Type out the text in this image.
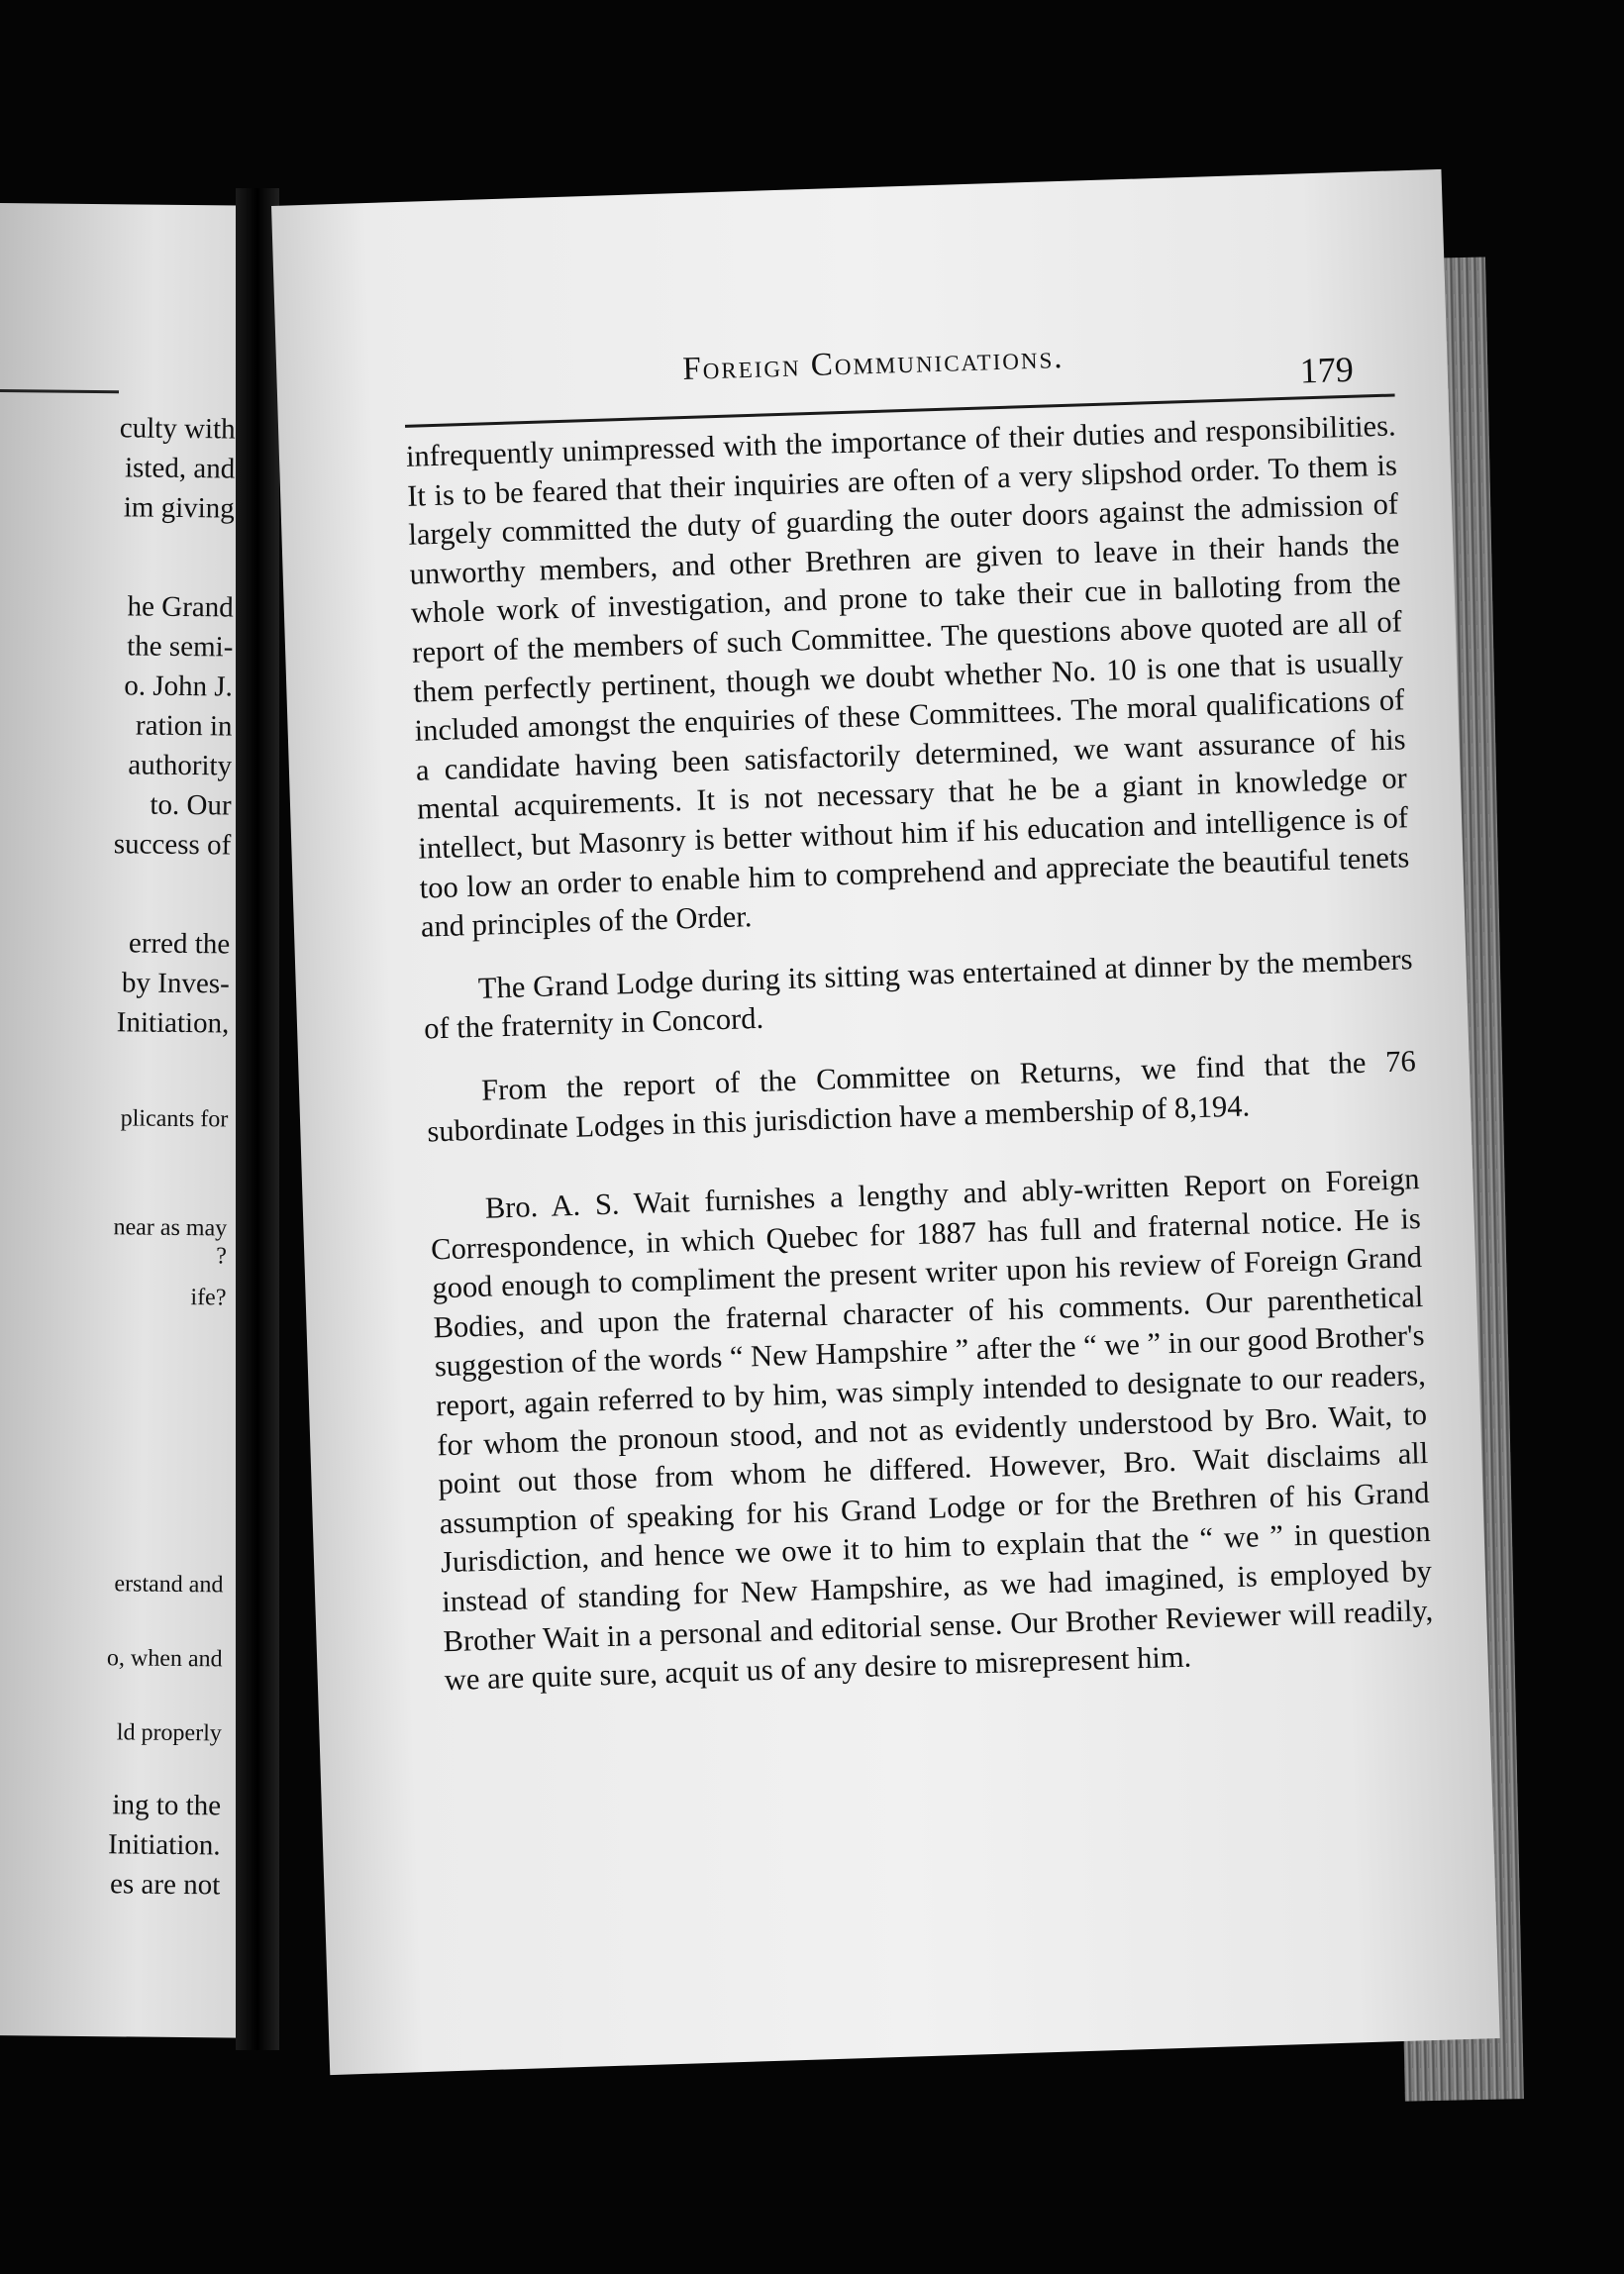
culty with
isted, and
im giving
he Grand
the semi-
o. John J.
ration in
authority
to. Our
success of
erred the
by Inves-
Initiation,
plicants for
near as may
?
ife?
erstand and
o, when and
ld properly
ing to the
Initiation.
es are not
Foreign Communications.	179

infrequently unimpressed with the importance of their duties and responsibilities. It is to be feared that their inquiries are often of a very slipshod order. To them is largely committed the duty of guarding the outer doors against the admission of unworthy members, and other Brethren are given to leave in their hands the whole work of investigation, and prone to take their cue in balloting from the report of the members of such Committee. The questions above quoted are all of them perfectly pertinent, though we doubt whether No. 10 is one that is usually included amongst the enquiries of these Committees. The moral qualifications of a candidate having been satisfactorily determined, we want assurance of his mental acquirements. It is not necessary that he be a giant in knowledge or intellect, but Masonry is better without him if his education and intelligence is of too low an order to enable him to comprehend and appreciate the beautiful tenets and principles of the Order.

The Grand Lodge during its sitting was entertained at dinner by the members of the fraternity in Concord.

From the report of the Committee on Returns, we find that the 76 subordinate Lodges in this jurisdiction have a membership of 8,194.

Bro. A. S. Wait furnishes a lengthy and ably-written Report on Foreign Correspondence, in which Quebec for 1887 has full and fraternal notice. He is good enough to compliment the present writer upon his review of Foreign Grand Bodies, and upon the fraternal character of his comments. Our parenthetical suggestion of the words “ New Hampshire ” after the “ we ” in our good Brother's report, again referred to by him, was simply intended to designate to our readers, for whom the pronoun stood, and not as evidently understood by Bro. Wait, to point out those from whom he differed. However, Bro. Wait disclaims all assumption of speaking for his Grand Lodge or for the Brethren of his Grand Jurisdiction, and hence we owe it to him to explain that the “ we ” in question instead of standing for New Hampshire, as we had imagined, is employed by Brother Wait in a personal and editorial sense. Our Brother Reviewer will readily, we are quite sure, acquit us of any desire to misrepresent him.
